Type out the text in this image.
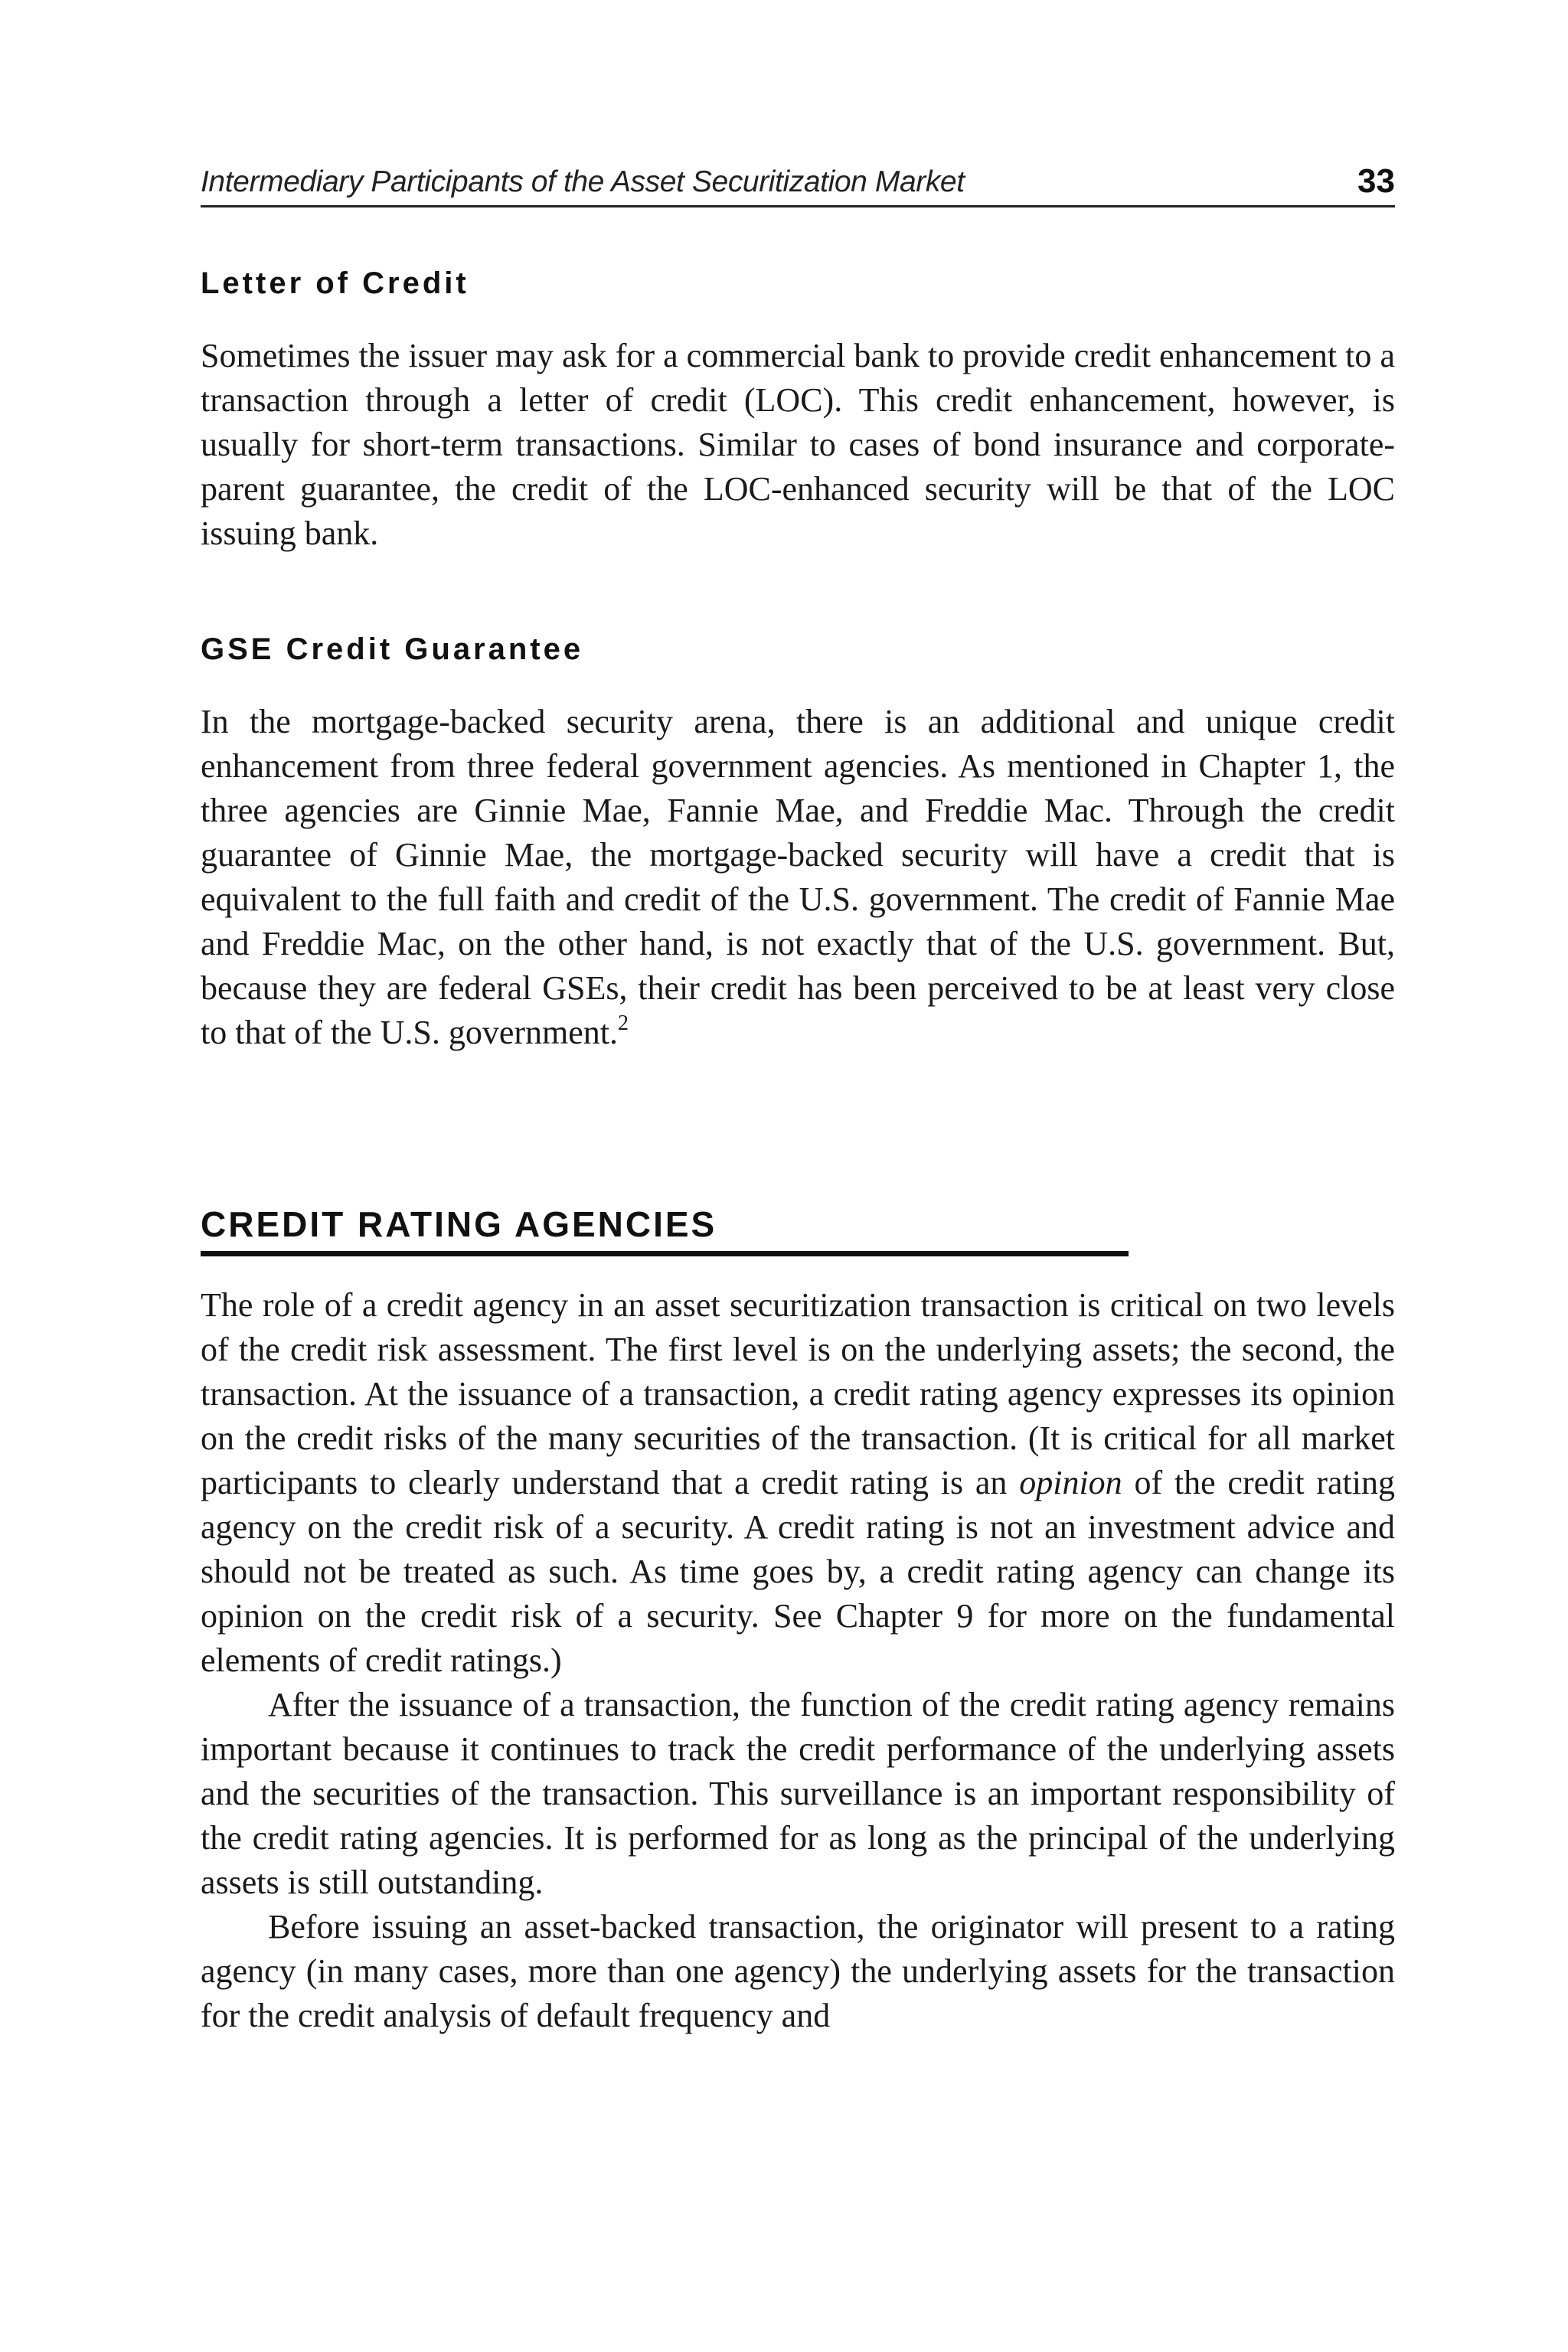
Intermediary Participants of the Asset Securitization Market	33
Letter of Credit

Sometimes the issuer may ask for a commercial bank to provide credit enhancement to a transaction through a letter of credit (LOC). This credit enhancement, however, is usually for short-term transactions. Similar to cases of bond insurance and corporate-parent guarantee, the credit of the LOC-enhanced security will be that of the LOC issuing bank.

GSE Credit Guarantee

In the mortgage-backed security arena, there is an additional and unique credit enhancement from three federal government agencies. As mentioned in Chapter 1, the three agencies are Ginnie Mae, Fannie Mae, and Freddie Mac. Through the credit guarantee of Ginnie Mae, the mortgage-backed security will have a credit that is equivalent to the full faith and credit of the U.S. government. The credit of Fannie Mae and Freddie Mac, on the other hand, is not exactly that of the U.S. government. But, because they are federal GSEs, their credit has been perceived to be at least very close to that of the U.S. government.$^2$

CREDIT RATING AGENCIES

The role of a credit agency in an asset securitization transaction is critical on two levels of the credit risk assessment. The first level is on the underlying assets; the second, the transaction. At the issuance of a transaction, a credit rating agency expresses its opinion on the credit risks of the many securities of the transaction. (It is critical for all market participants to clearly understand that a credit rating is an opinion of the credit rating agency on the credit risk of a security. A credit rating is not an investment advice and should not be treated as such. As time goes by, a credit rating agency can change its opinion on the credit risk of a security. See Chapter 9 for more on the fundamental elements of credit ratings.)

After the issuance of a transaction, the function of the credit rating agency remains important because it continues to track the credit performance of the underlying assets and the securities of the transaction. This surveillance is an important responsibility of the credit rating agencies. It is performed for as long as the principal of the underlying assets is still outstanding.

Before issuing an asset-backed transaction, the originator will present to a rating agency (in many cases, more than one agency) the underlying assets for the transaction for the credit analysis of default frequency and
